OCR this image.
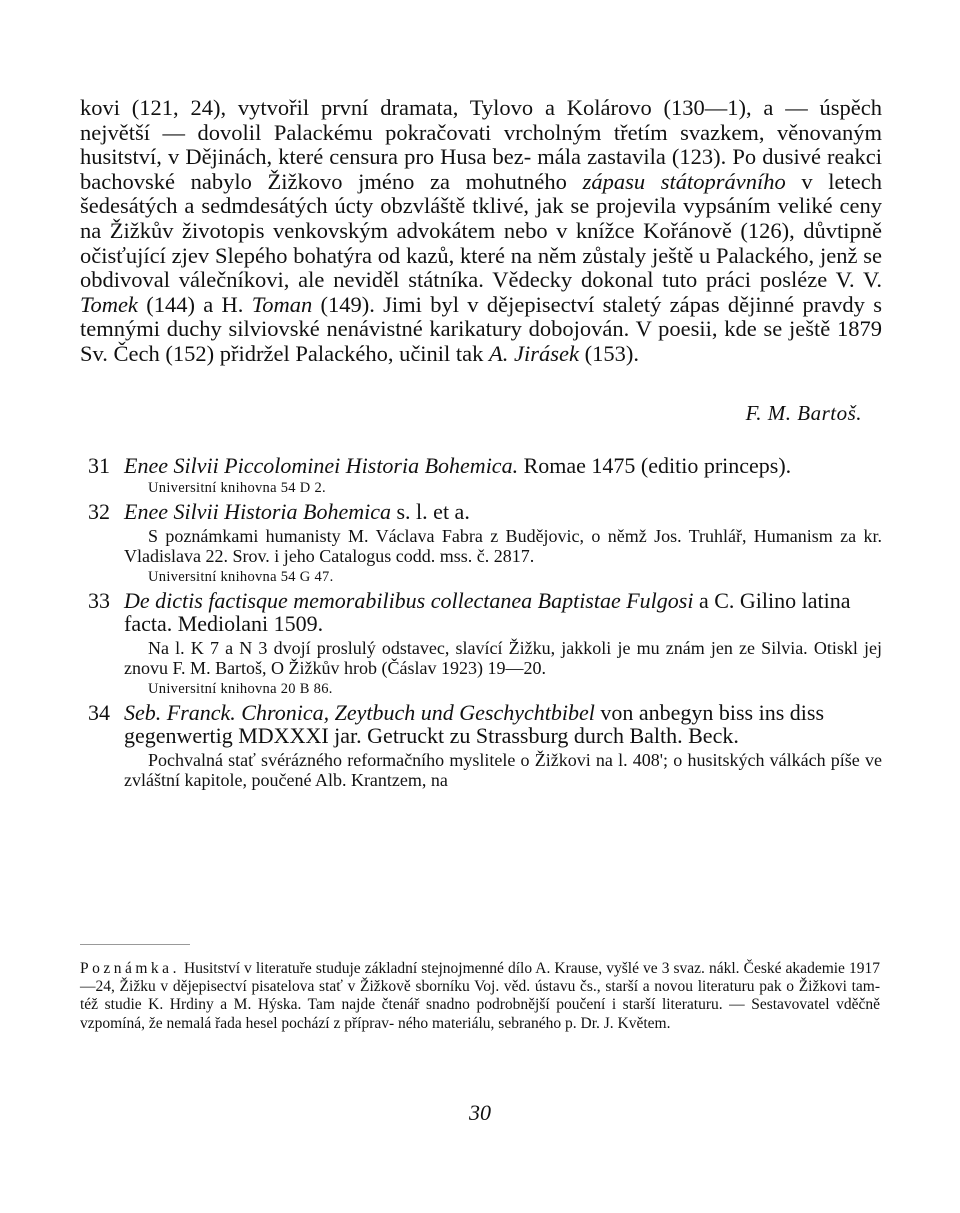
kovi (121, 24), vytvořil první dramata, Tylovo a Kolárovo (130—1), a — úspěch největší — dovolil Palackému pokračovati vrcholným třetím svazkem, věnovaným husitství, v Dějinách, které censura pro Husa bez‑ mála zastavila (123). Po dusivé reakci bachovské nabylo Žižkovo jméno za mohutného zápasu státoprávního v letech šedesátých a sedmdesátých úcty obzvláště tklivé, jak se projevila vypsáním veliké ceny na Žižkův životopis venkovským advokátem nebo v knížce Kořánově (126), důvtipně očisťující zjev Slepého bohatýra od kazů, které na něm zůstaly ještě u Palackého, jenž se obdivoval válečníkovi, ale neviděl státníka. Vědecky dokonal tuto práci posléze V. V. Tomek (144) a H. Toman (149). Jimi byl v dějepisectví staletý zápas dějinné pravdy s temnými duchy silviovské nenávistné karikatury dobojován. V poesii, kde se ještě 1879 Sv. Čech (152) přidržel Palackého, učinil tak A. Jirásek (153).

F. M. Bartoš.
31 Enee Silvii Piccolominei Historia Bohemica. Romae 1475 (editio princeps).

Universitní knihovna 54 D 2.
32 Enee Silvii Historia Bohemica s. l. et a.

S poznámkami humanisty M. Václava Fabra z Budějovic, o němž Jos. Truhlář, Humanism za kr. Vladislava 22. Srov. i jeho Catalogus codd. mss. č. 2817.

Universitní knihovna 54 G 47.
33 De dictis factisque memorabilibus collectanea Baptistae Fulgosi a C. Gilino latina facta. Mediolani 1509.

Na l. K 7 a N 3 dvojí proslulý odstavec, slavící Žižku, jakkoli je mu znám jen ze Silvia. Otiskl jej znovu F. M. Bartoš, O Žižkův hrob (Čáslav 1923) 19—20.

Universitní knihovna 20 B 86.
34 Seb. Franck. Chronica, Zeytbuch und Geschychtbibel von anbegyn biss ins diss gegenwertig MDXXXI jar. Getruckt zu Strassburg durch Balth. Beck.

Pochvalná stať svérázného reformačního myslitele o Žižkovi na l. 408'; o husitských válkách píše ve zvláštní kapitole, poučené Alb. Krantzem, na

Poznámka. Husitství v literatuře studuje základní stejnojmenné dílo A. Krause, vyšlé ve 3 svaz. nákl. České akademie 1917—24, Žižku v dějepisectví pisatelova stať v Žižkově sborníku Voj. věd. ústavu čs., starší a novou literaturu pak o Žižkovi tam‑ též studie K. Hrdiny a M. Hýska. Tam najde čtenář snadno podrobnější poučení i starší literaturu. — Sestavovatel vděčně vzpomíná, že nemalá řada hesel pochází z příprav‑ ného materiálu, sebraného p. Dr. J. Květem.

30
